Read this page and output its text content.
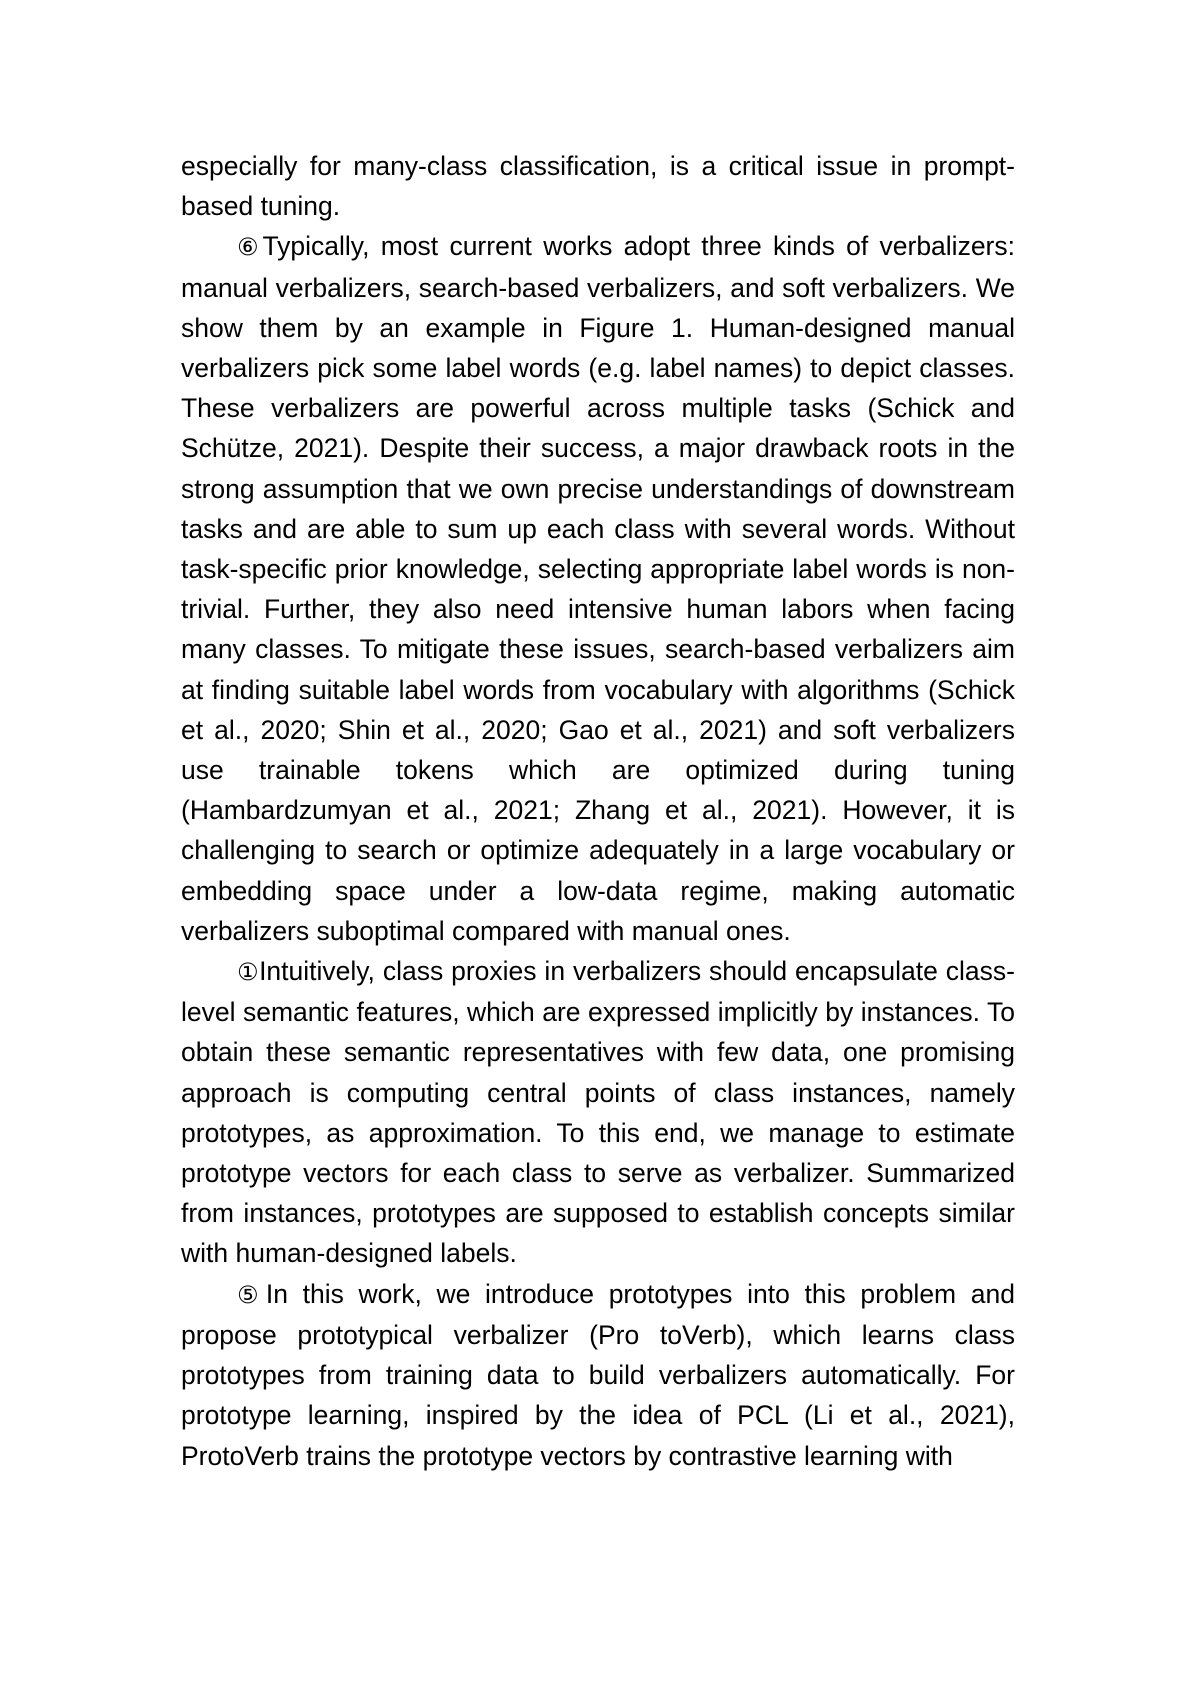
especially for many-class classification, is a critical issue in prompt-based tuning.

⑥Typically, most current works adopt three kinds of verbalizers: manual verbalizers, search-based verbalizers, and soft verbalizers. We show them by an example in Figure 1. Human-designed manual verbalizers pick some label words (e.g. label names) to depict classes. These verbalizers are powerful across multiple tasks (Schick and Schütze, 2021). Despite their success, a major drawback roots in the strong assumption that we own precise understandings of downstream tasks and are able to sum up each class with several words. Without task-specific prior knowledge, selecting appropriate label words is non-trivial. Further, they also need intensive human labors when facing many classes. To mitigate these issues, search-based verbalizers aim at finding suitable label words from vocabulary with algorithms (Schick et al., 2020; Shin et al., 2020; Gao et al., 2021) and soft verbalizers use trainable tokens which are optimized during tuning (Hambardzumyan et al., 2021; Zhang et al., 2021). However, it is challenging to search or optimize adequately in a large vocabulary or embedding space under a low-data regime, making automatic verbalizers suboptimal compared with manual ones.

①Intuitively, class proxies in verbalizers should encapsulate class-level semantic features, which are expressed implicitly by instances. To obtain these semantic representatives with few data, one promising approach is computing central points of class instances, namely prototypes, as approximation. To this end, we manage to estimate prototype vectors for each class to serve as verbalizer. Summarized from instances, prototypes are supposed to establish concepts similar with human-designed labels.

⑤In this work, we introduce prototypes into this problem and propose prototypical verbalizer (Pro toVerb), which learns class prototypes from training data to build verbalizers automatically. For prototype learning, inspired by the idea of PCL (Li et al., 2021), ProtoVerb trains the prototype vectors by contrastive learning with
